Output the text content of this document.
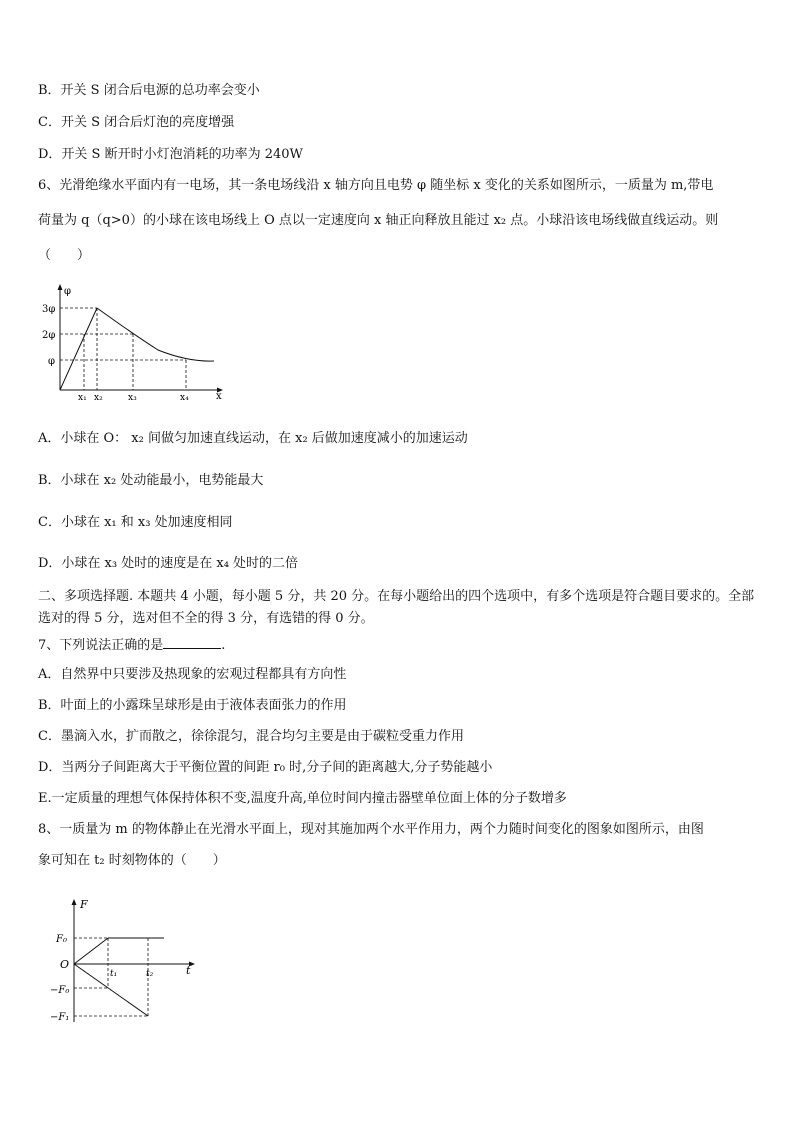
B．开关 S 闭合后电源的总功率会变小
C．开关 S 闭合后灯泡的亮度增强
D．开关 S 断开时小灯泡消耗的功率为 240W
6、光滑绝缘水平面内有一电场，其一条电场线沿 x 轴方向且电势 φ 随坐标 x 变化的关系如图所示，一质量为 m,带电
荷量为 q（q>0）的小球在该电场线上 O 点以一定速度向 x 轴正向释放且能过 x₂ 点。小球沿该电场线做直线运动。则
（　　）
φ
x
3φ
2φ
φ
x₁ x₂	x₃	x₄
A．小球在 O： x₂ 间做匀加速直线运动，在 x₂ 后做加速度减小的加速运动
B．小球在 x₂ 处动能最小，电势能最大
C．小球在 x₁ 和 x₃ 处加速度相同
D．小球在 x₃ 处时的速度是在 x₄ 处时的二倍
二、多项选择题. 本题共 4 小题，每小题 5 分，共 20 分。在每小题给出的四个选项中，有多个选项是符合题目要求的。全部选对的得 5 分，选对但不全的得 3 分，有选错的得 0 分。
7、下列说法正确的是	.
A．自然界中只要涉及热现象的宏观过程都具有方向性
B．叶面上的小露珠呈球形是由于液体表面张力的作用
C．墨滴入水，扩而散之，徐徐混匀，混合均匀主要是由于碳粒受重力作用
D．当两分子间距离大于平衡位置的间距 r₀ 时,分子间的距离越大,分子势能越小
E.一定质量的理想气体保持体积不变,温度升高,单位时间内撞击器壁单位面上体的分子数增多
8、一质量为 m 的物体静止在光滑水平面上，现对其施加两个水平作用力，两个力随时间变化的图象如图所示，由图
象可知在 t₂ 时刻物体的（　　）
F
t
O
F₀
−F₀
−F₁
t₁	t₂
